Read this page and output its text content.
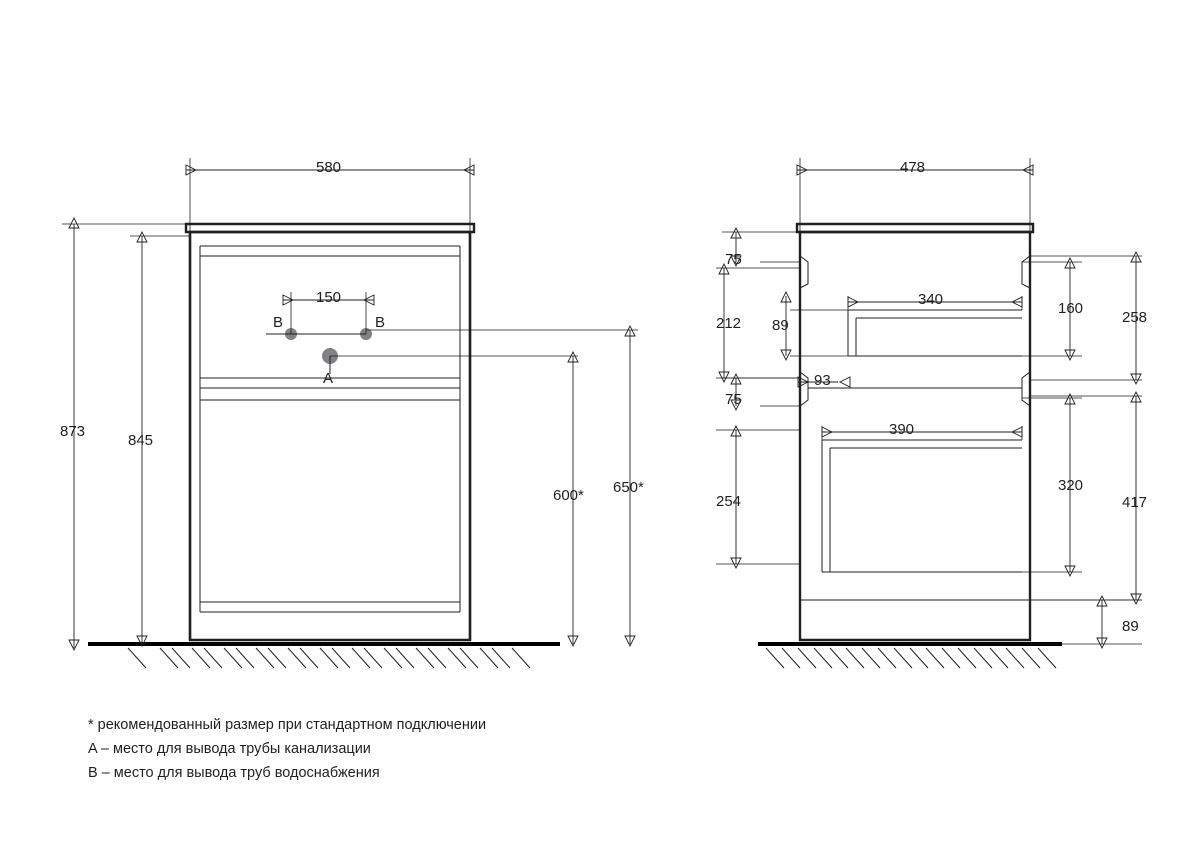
580
150
873
845
600* 650*
B	B
A
478
75
212 89
340
160
258
75
93
390
254
320
417
89
* рекомендованный размер при стандартном подключении
A – место для вывода трубы канализации
B – место для вывода труб водоснабжения
